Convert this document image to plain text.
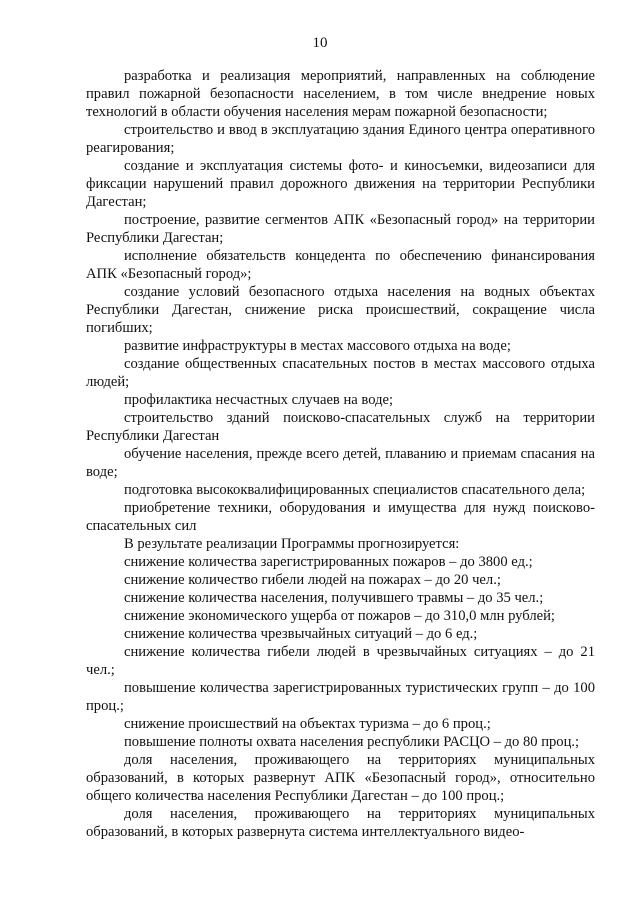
10

разработка и реализация мероприятий, направленных на соблюдение правил пожарной безопасности населением, в том числе внедрение новых технологий в области обучения населения мерам пожарной безопасности;

строительство и ввод в эксплуатацию здания Единого центра оперативного реагирования;

создание и эксплуатация системы фото- и киносъемки, видеозаписи для фиксации нарушений правил дорожного движения на территории Республики Дагестан;

построение, развитие сегментов АПК «Безопасный город» на территории Республики Дагестан;

исполнение обязательств концедента по обеспечению финансирования АПК «Безопасный город»;

создание условий безопасного отдыха населения на водных объектах Республики Дагестан, снижение риска происшествий, сокращение числа погибших;

развитие инфраструктуры в местах массового отдыха на воде;

создание общественных спасательных постов в местах массового отдыха людей;

профилактика несчастных случаев на воде;

строительство зданий поисково-спасательных служб на территории Республики Дагестан

обучение населения, прежде всего детей, плаванию и приемам спасания на воде;

подготовка высококвалифицированных специалистов спасательного дела;

приобретение техники, оборудования и имущества для нужд поисково-спасательных сил

В результате реализации Программы прогнозируется:

снижение количества зарегистрированных пожаров – до 3800 ед.;

снижение количество гибели людей на пожарах – до 20 чел.;

снижение количества населения, получившего травмы – до 35 чел.;

снижение экономического ущерба от пожаров – до 310,0 млн рублей;

снижение количества чрезвычайных ситуаций – до 6 ед.;

снижение количества гибели людей в чрезвычайных ситуациях – до 21 чел.;

повышение количества зарегистрированных туристических групп – до 100 проц.;

снижение происшествий на объектах туризма – до 6 проц.;

повышение полноты охвата населения республики РАСЦО – до 80 проц.;

доля населения, проживающего на территориях муниципальных образований, в которых развернут АПК «Безопасный город», относительно общего количества населения Республики Дагестан – до 100 проц.;

доля населения, проживающего на территориях муниципальных образований, в которых развернута система интеллектуального видео-
